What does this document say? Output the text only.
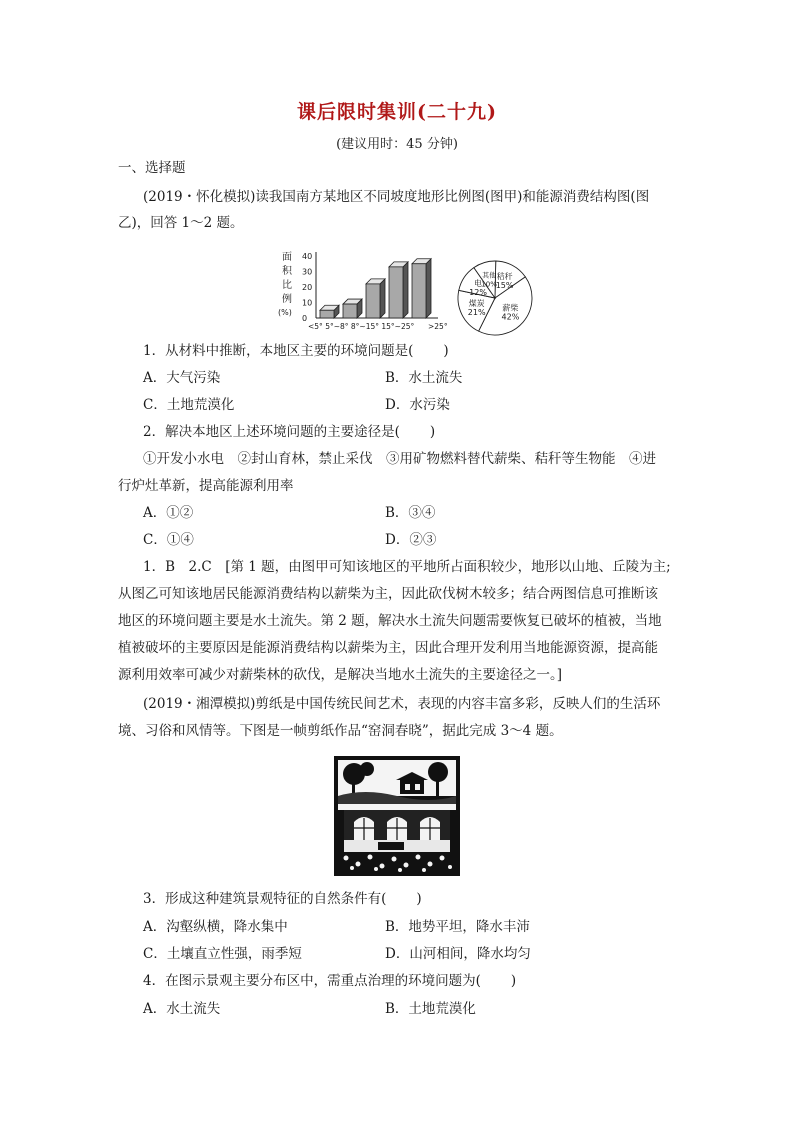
课后限时集训(二十九)
(建议用时：45 分钟)
一、选择题
(2019・怀化模拟)读我国南方某地区不同坡度地形比例图(图甲)和能源消费结构图(图
乙)，回答 1～2 题。
面
积
比
例
(%)
40
30
20
10
0
<5° 5°~8° 8°~15° 15°~25° >25°
秸秆
15%
薪柴
42%
煤炭
21%
电
12%
其他
10%
1．从材料中推断，本地区主要的环境问题是( )
A．大气污染	B．水土流失
C．土地荒漠化	D．水污染
2．解决本地区上述环境问题的主要途径是( )
①开发小水电　②封山育林，禁止采伐　③用矿物燃料替代薪柴、秸秆等生物能　④进
行炉灶革新，提高能源利用率
A．①②	B．③④
C．①④	D．②③
1．B　2.C　[第 1 题，由图甲可知该地区的平地所占面积较少，地形以山地、丘陵为主;
从图乙可知该地居民能源消费结构以薪柴为主，因此砍伐树木较多；结合两图信息可推断该
地区的环境问题主要是水土流失。第 2 题，解决水土流失问题需要恢复已破坏的植被，当地
植被破坏的主要原因是能源消费结构以薪柴为主，因此合理开发利用当地能源资源，提高能
源利用效率可减少对薪柴林的砍伐，是解决当地水土流失的主要途径之一。]
(2019・湘潭模拟)剪纸是中国传统民间艺术，表现的内容丰富多彩，反映人们的生活环
境、习俗和风情等。下图是一帧剪纸作品“窑洞春晓”，据此完成 3～4 题。
3．形成这种建筑景观特征的自然条件有( )
A．沟壑纵横，降水集中	B．地势平坦，降水丰沛
C．土壤直立性强，雨季短	D．山河相间，降水均匀
4．在图示景观主要分布区中，需重点治理的环境问题为( )
A．水土流失	B．土地荒漠化
